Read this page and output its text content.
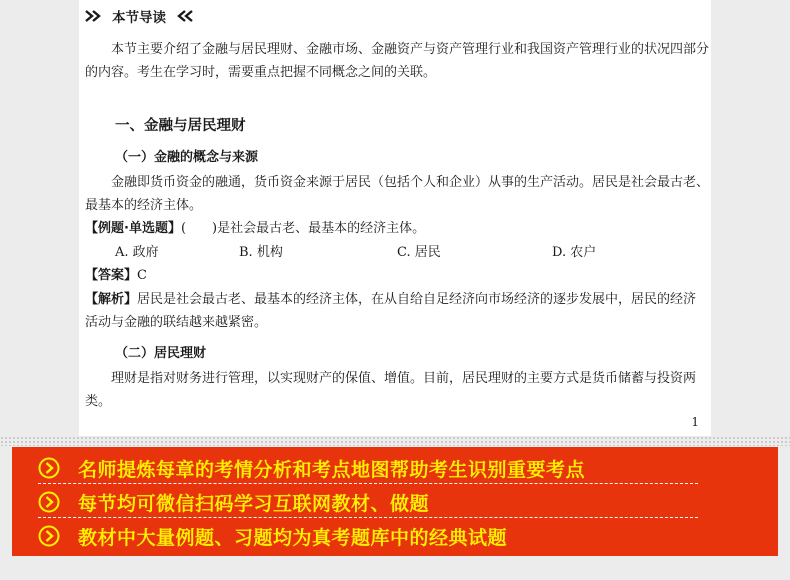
本节导读

本节主要介绍了金融与居民理财、金融市场、金融资产与资产管理行业和我国资产管理行业的状况四部分的内容。考生在学习时，需要重点把握不同概念之间的关联。

一、金融与居民理财
（一）金融的概念与来源

金融即货币资金的融通，货币资金来源于居民（包括个人和企业）从事的生产活动。居民是社会最古老、最基本的经济主体。

【例题·单选题】(　　)是社会最古老、最基本的经济主体。

A. 政府	B. 机构	C. 居民	D. 农户

【答案】C

【解析】居民是社会最古老、最基本的经济主体，在从自给自足经济向市场经济的逐步发展中，居民的经济活动与金融的联结越来越紧密。

（二）居民理财

理财是指对财务进行管理，以实现财产的保值、增值。目前，居民理财的主要方式是货币储蓄与投资两类。

1
名师提炼每章的考情分析和考点地图帮助考生识别重要考点
每节均可微信扫码学习互联网教材、做题
教材中大量例题、习题均为真考题库中的经典试题
